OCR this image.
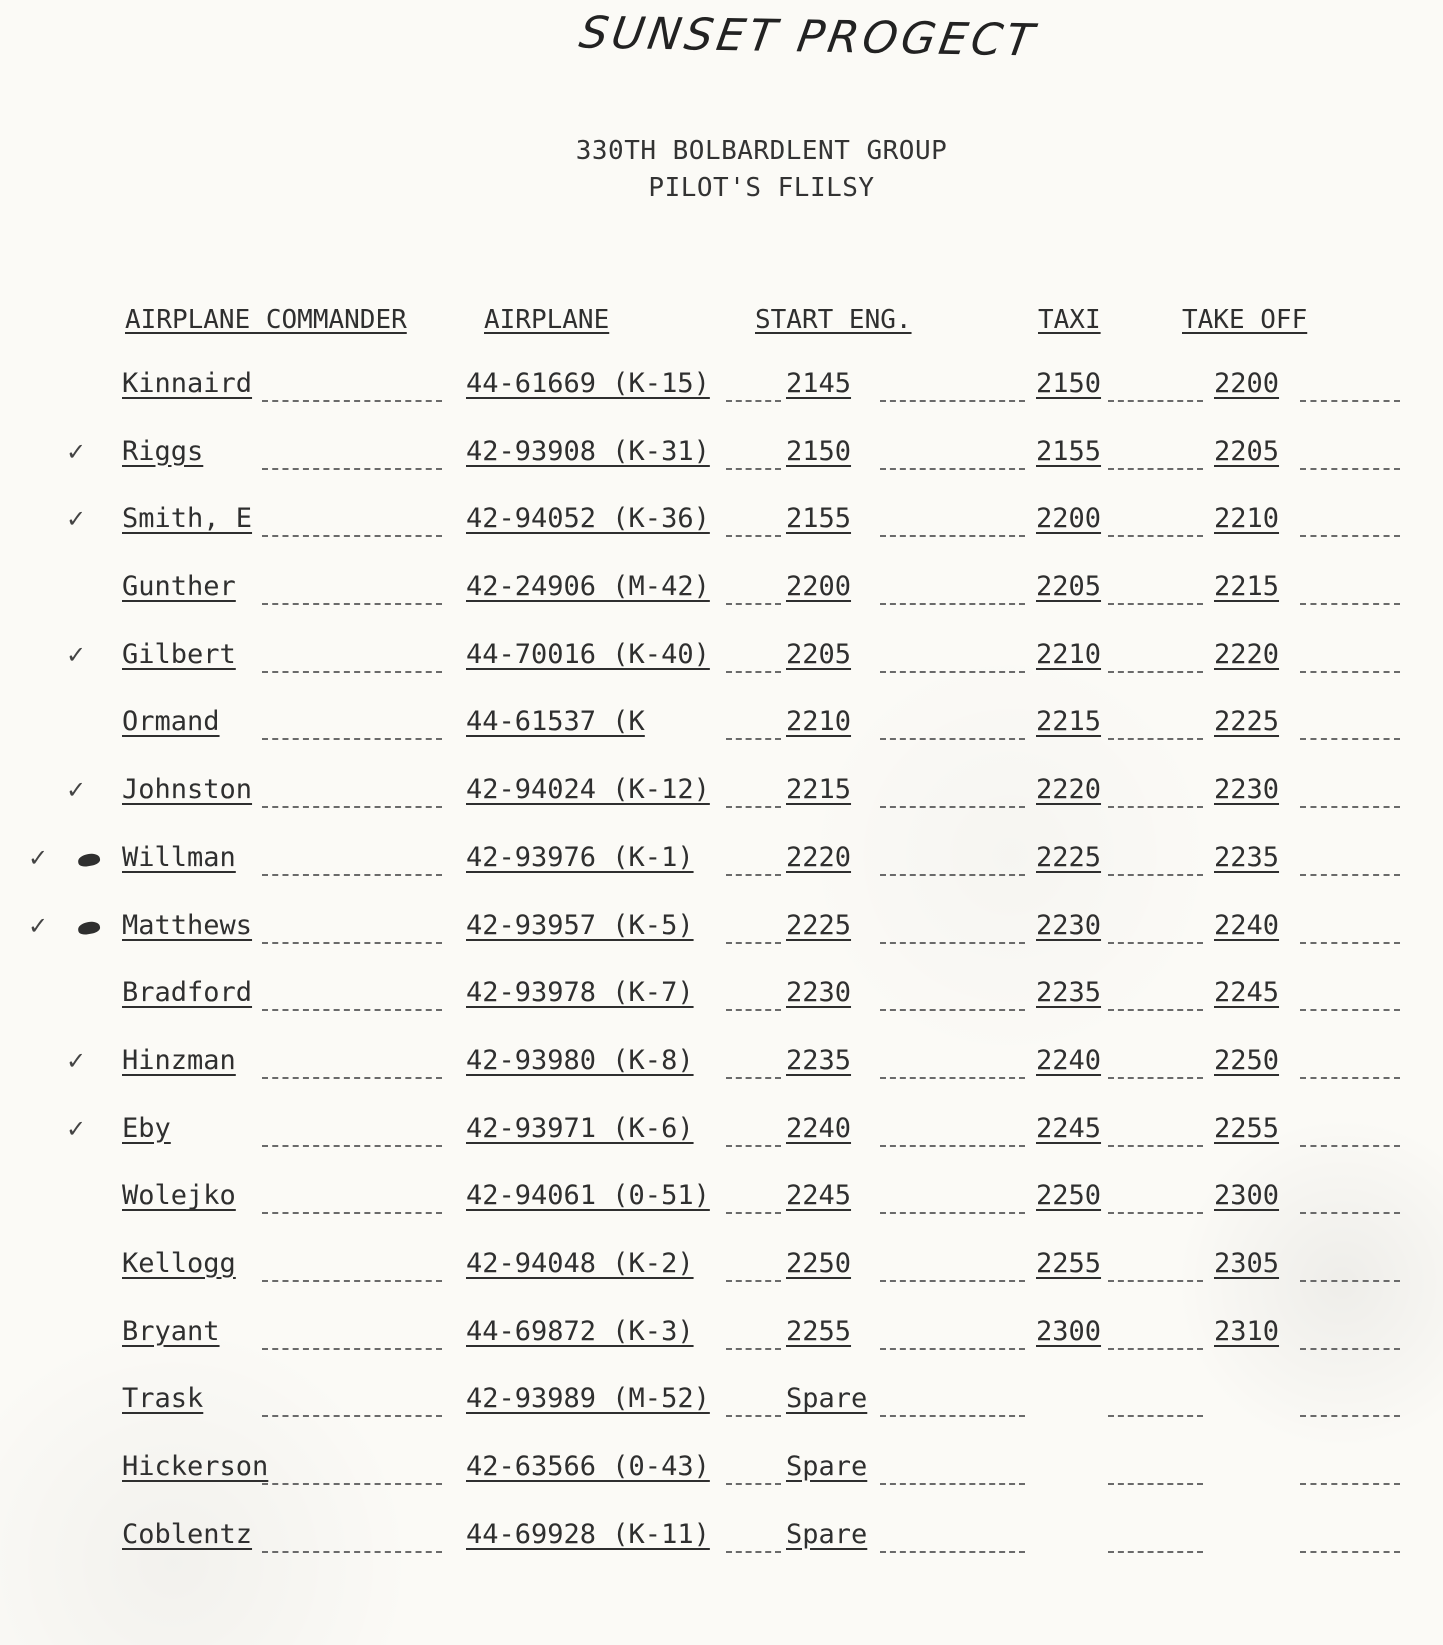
SUNSET PROGECT
330TH BOLBARDLENT GROUP
PILOT'S FLILSY
AIRPLANE COMMANDER	AIRPLANE	START ENG.	TAXI	TAKE OFF
Kinnaird	44-61669 (K-15)	2145	2150	2200
✓ Riggs	42-93908 (K-31)	2150	2155	2205
✓ Smith, E	42-94052 (K-36)	2155	2200	2210
Gunther	42-24906 (M-42)	2200	2205	2215
✓ Gilbert	44-70016 (K-40)	2205	2210	2220
Ormand	44-61537 (K	2210	2215	2225
✓ Johnston	42-94024 (K-12)	2215	2220	2230
✓	Willman	42-93976 (K-1)	2220	2225	2235
✓	Matthews	42-93957 (K-5)	2225	2230	2240
Bradford	42-93978 (K-7)	2230	2235	2245
✓ Hinzman	42-93980 (K-8)	2235	2240	2250
✓ Eby	42-93971 (K-6)	2240	2245	2255
Wolejko	42-94061 (0-51)	2245	2250	2300
Kellogg	42-94048 (K-2)	2250	2255	2305
Bryant	44-69872 (K-3)	2255	2300	2310
Trask	42-93989 (M-52)	Spare
Hickerson	42-63566 (0-43)	Spare
Coblentz	44-69928 (K-11)	Spare
